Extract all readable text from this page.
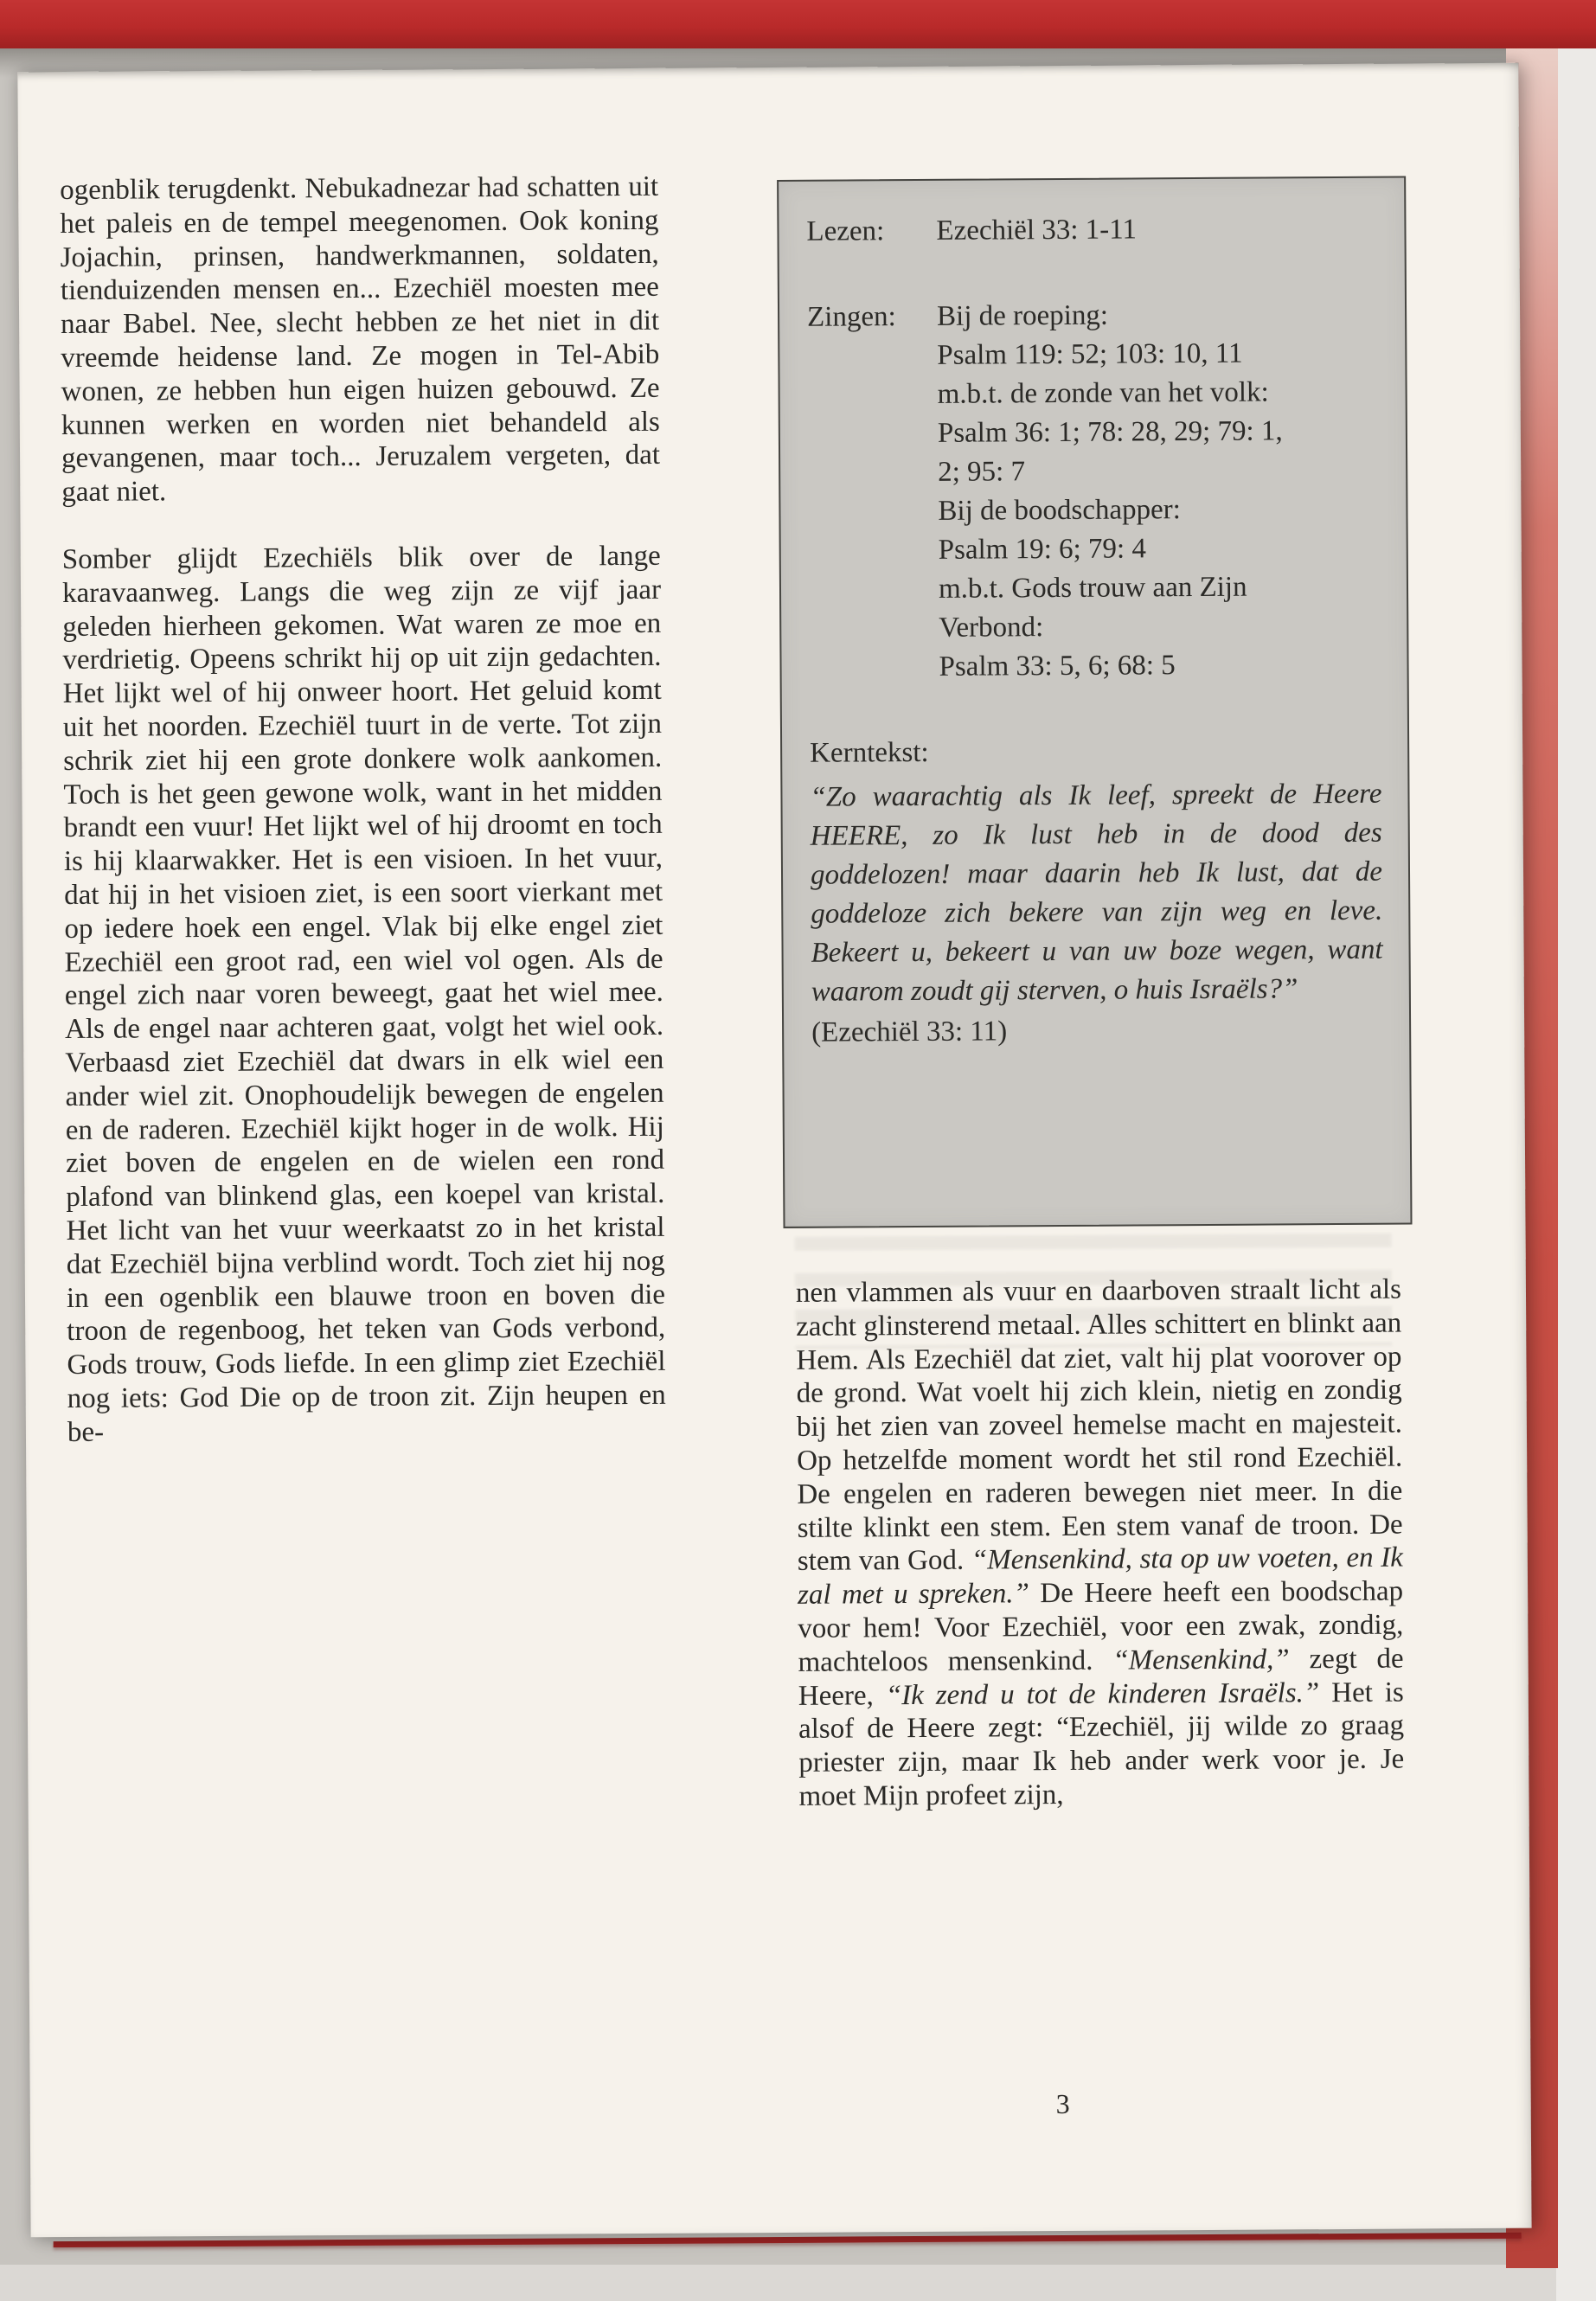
ogenblik terugdenkt. Nebukadnezar had schatten uit het paleis en de tempel meegenomen. Ook koning Jojachin, prinsen, handwerkmannen, soldaten, tienduizenden mensen en... Ezechiël moesten mee naar Babel. Nee, slecht hebben ze het niet in dit vreemde heidense land. Ze mogen in Tel-Abib wonen, ze hebben hun eigen huizen gebouwd. Ze kunnen werken en worden niet behandeld als gevangenen, maar toch... Jeruzalem vergeten, dat gaat niet.

Somber glijdt Ezechiëls blik over de lange karavaanweg. Langs die weg zijn ze vijf jaar geleden hierheen gekomen. Wat waren ze moe en verdrietig. Opeens schrikt hij op uit zijn gedachten. Het lijkt wel of hij onweer hoort. Het geluid komt uit het noorden. Ezechiël tuurt in de verte. Tot zijn schrik ziet hij een grote donkere wolk aankomen. Toch is het geen gewone wolk, want in het midden brandt een vuur! Het lijkt wel of hij droomt en toch is hij klaarwakker. Het is een visioen. In het vuur, dat hij in het visioen ziet, is een soort vierkant met op iedere hoek een engel. Vlak bij elke engel ziet Ezechiël een groot rad, een wiel vol ogen. Als de engel zich naar voren beweegt, gaat het wiel mee. Als de engel naar achteren gaat, volgt het wiel ook. Verbaasd ziet Ezechiël dat dwars in elk wiel een ander wiel zit. Onophoudelijk bewegen de engelen en de raderen. Ezechiël kijkt hoger in de wolk. Hij ziet boven de engelen en de wielen een rond plafond van blinkend glas, een koepel van kristal. Het licht van het vuur weerkaatst zo in het kristal dat Ezechiël bijna verblind wordt. Toch ziet hij nog in een ogenblik een blauwe troon en boven die troon de regenboog, het teken van Gods verbond, Gods trouw, Gods liefde. In een glimp ziet Ezechiël nog iets: God Die op de troon zit. Zijn heupen en be-

Lezen:	Ezechiël 33: 1-11
Zingen:	Bij de roeping:
Psalm 119: 52; 103: 10, 11
m.b.t. de zonde van het volk:
Psalm 36: 1; 78: 28, 29; 79: 1,
2; 95: 7
Bij de boodschapper:
Psalm 19: 6; 79: 4
m.b.t. Gods trouw aan Zijn
Verbond:
Psalm 33: 5, 6; 68: 5
Kerntekst:

“Zo waarachtig als Ik leef, spreekt de Heere HEERE, zo Ik lust heb in de dood des goddelozen! maar daarin heb Ik lust, dat de goddeloze zich bekere van zijn weg en leve. Bekeert u, bekeert u van uw boze wegen, want waarom zoudt gij sterven, o huis Israëls?”

(Ezechiël 33: 11)

nen vlammen als vuur en daarboven straalt licht als zacht glinsterend metaal. Alles schittert en blinkt aan Hem. Als Ezechiël dat ziet, valt hij plat voorover op de grond. Wat voelt hij zich klein, nietig en zondig bij het zien van zoveel hemelse macht en majesteit. Op hetzelfde moment wordt het stil rond Ezechiël. De engelen en raderen bewegen niet meer. In die stilte klinkt een stem. Een stem vanaf de troon. De stem van God. “Mensenkind, sta op uw voeten, en Ik zal met u spreken.” De Heere heeft een boodschap voor hem! Voor Ezechiël, voor een zwak, zondig, machteloos mensenkind. “Mensenkind,” zegt de Heere, “Ik zend u tot de kinderen Israëls.” Het is alsof de Heere zegt: “Ezechiël, jij wilde zo graag priester zijn, maar Ik heb ander werk voor je. Je moet Mijn profeet zijn,

3
